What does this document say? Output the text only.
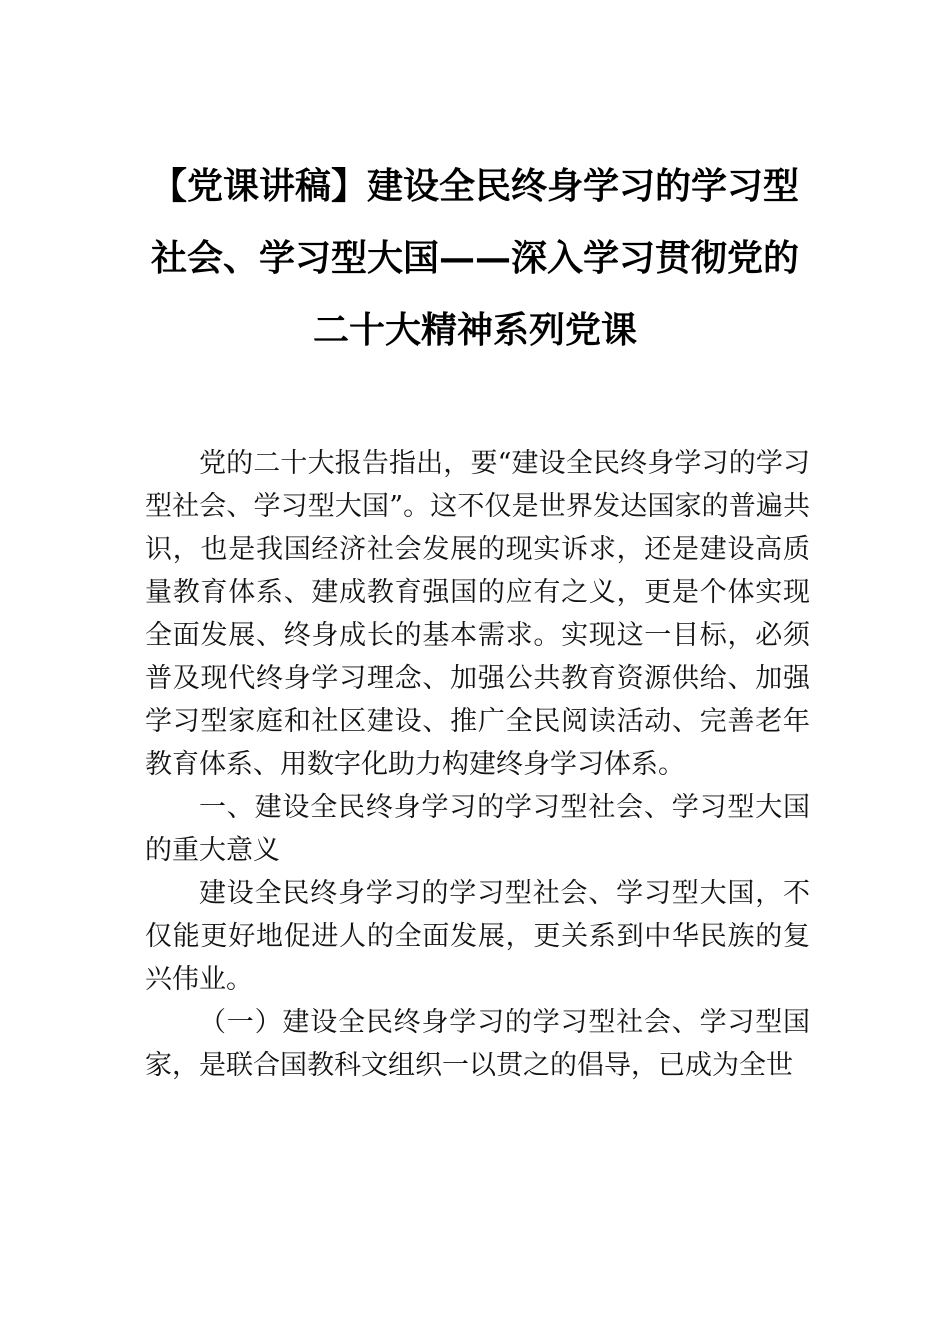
【党课讲稿】建设全民终身学习的学习型社会、学习型大国——深入学习贯彻党的二十大精神系列党课

党的二十大报告指出，要“建设全民终身学习的学习型社会、学习型大国”。这不仅是世界发达国家的普遍共识，也是我国经济社会发展的现实诉求，还是建设高质量教育体系、建成教育强国的应有之义，更是个体实现全面发展、终身成长的基本需求。实现这一目标，必须普及现代终身学习理念、加强公共教育资源供给、加强学习型家庭和社区建设、推广全民阅读活动、完善老年教育体系、用数字化助力构建终身学习体系。

一、建设全民终身学习的学习型社会、学习型大国的重大意义

建设全民终身学习的学习型社会、学习型大国，不仅能更好地促进人的全面发展，更关系到中华民族的复兴伟业。

（一）建设全民终身学习的学习型社会、学习型国家，是联合国教科文组织一以贯之的倡导，已成为全世
